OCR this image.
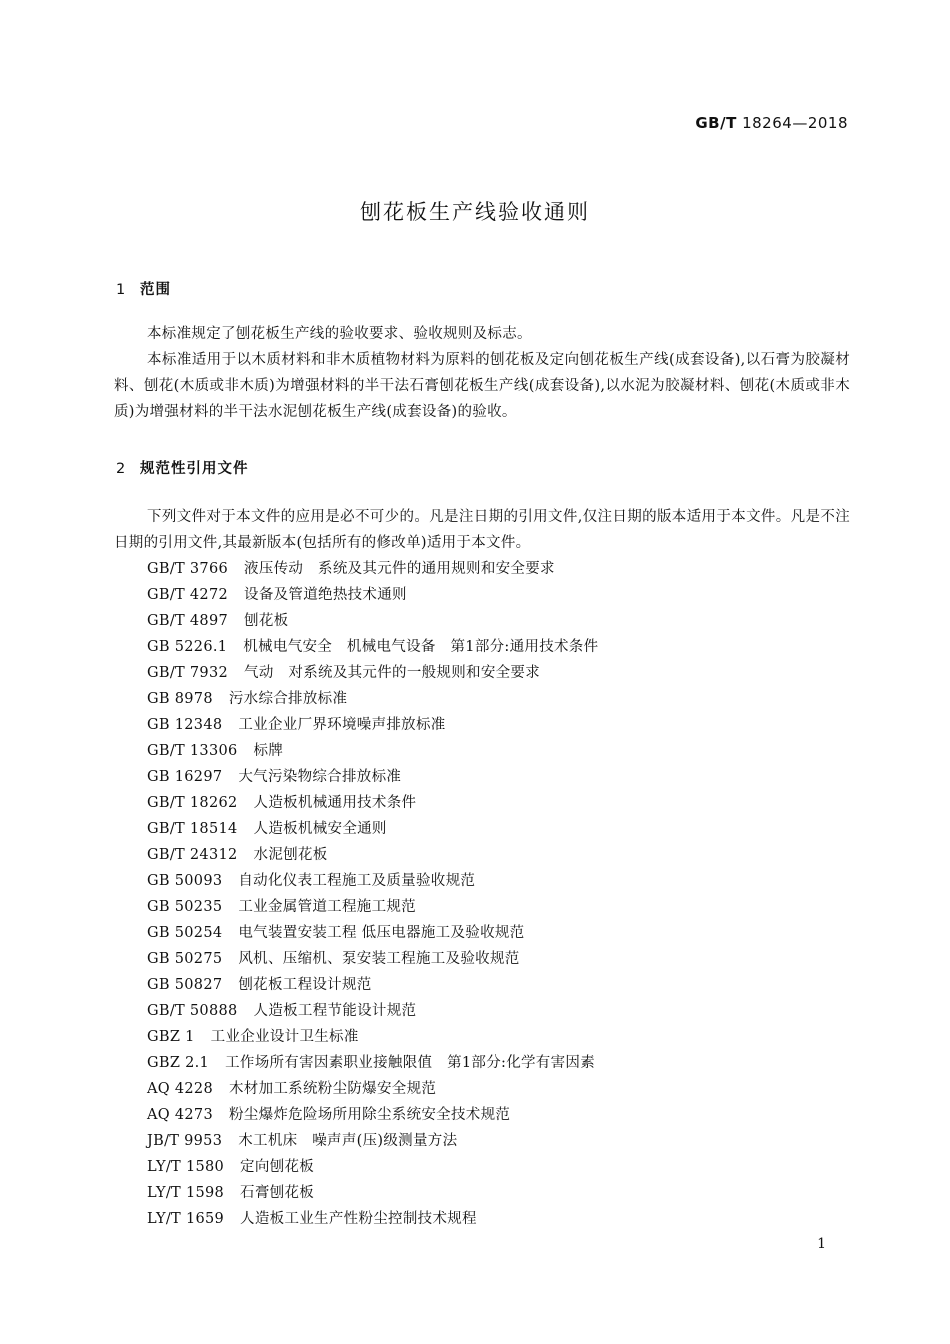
GB/T 18264—2018
刨花板生产线验收通则
1 范围

本标准规定了刨花板生产线的验收要求、验收规则及标志。

本标准适用于以木质材料和非木质植物材料为原料的刨花板及定向刨花板生产线(成套设备),以石膏为胶凝材料、刨花(木质或非木质)为增强材料的半干法石膏刨花板生产线(成套设备),以水泥为胶凝材料、刨花(木质或非木质)为增强材料的半干法水泥刨花板生产线(成套设备)的验收。

2 规范性引用文件

下列文件对于本文件的应用是必不可少的。凡是注日期的引用文件,仅注日期的版本适用于本文件。凡是不注日期的引用文件,其最新版本(包括所有的修改单)适用于本文件。

GB/T 3766 液压传动　系统及其元件的通用规则和安全要求
GB/T 4272 设备及管道绝热技术通则
GB/T 4897 刨花板
GB 5226.1 机械电气安全　机械电气设备　第1部分:通用技术条件
GB/T 7932 气动　对系统及其元件的一般规则和安全要求
GB 8978 污水综合排放标准
GB 12348 工业企业厂界环境噪声排放标准
GB/T 13306 标牌
GB 16297 大气污染物综合排放标准
GB/T 18262 人造板机械通用技术条件
GB/T 18514 人造板机械安全通则
GB/T 24312 水泥刨花板
GB 50093 自动化仪表工程施工及质量验收规范
GB 50235 工业金属管道工程施工规范
GB 50254 电气装置安装工程 低压电器施工及验收规范
GB 50275 风机、压缩机、泵安装工程施工及验收规范
GB 50827 刨花板工程设计规范
GB/T 50888 人造板工程节能设计规范
GBZ 1 工业企业设计卫生标准
GBZ 2.1 工作场所有害因素职业接触限值　第1部分:化学有害因素
AQ 4228 木材加工系统粉尘防爆安全规范
AQ 4273 粉尘爆炸危险场所用除尘系统安全技术规范
JB/T 9953 木工机床　噪声声(压)级测量方法
LY/T 1580 定向刨花板
LY/T 1598 石膏刨花板
LY/T 1659 人造板工业生产性粉尘控制技术规程
1
